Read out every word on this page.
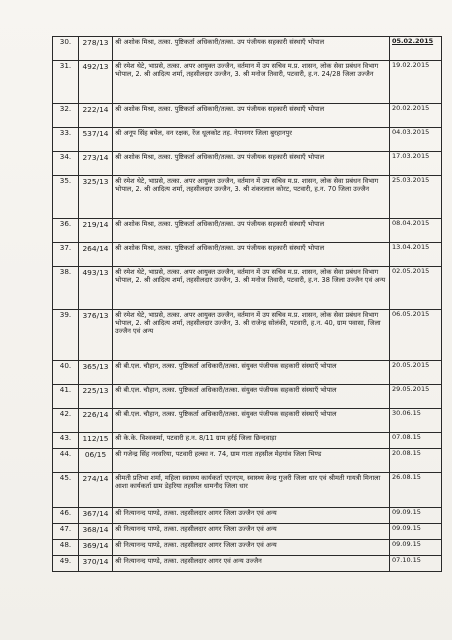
30.	278/13	श्री अशोक मिश्रा, तत्का. पुष्टिकर्ता अधिकारी/तत्का. उप पंजीयक सहकारी संस्थाएँ भोपाल	05.02.2015
31.	492/13	श्री रमेश थेटे, भाप्रसे, तत्का. अपर आयुक्त उज्जैन, वर्तमान में उप सचिव म.प्र. शासन, लोक सेवा प्रबंधन विभाग भोपाल, 2. श्री आदित्य शर्मा, तहसीलदार उज्जैन, 3. श्री मनोज तिवारी, पटवारी, ह.न. 24/28 जिला उज्जैन	19.02.2015
32.	222/14	श्री अशोक मिश्रा, तत्का. पुष्टिकर्ता अधिकारी/तत्का. उप पंजीयक सहकारी संस्थाएँ भोपाल	20.02.2015
33.	537/14	श्री अनूप सिंह बघेल, वन रक्षक, रेंज धूलकोट तह. नेपानगर जिला बुरहानपुर	04.03.2015
34.	273/14	श्री अशोक मिश्रा, तत्का. पुष्टिकर्ता अधिकारी/तत्का. उप पंजीयक सहकारी संस्थाएँ भोपाल	17.03.2015
35.	325/13	श्री रमेश थेटे, भाप्रसे, तत्का. अपर आयुक्त उज्जैन, वर्तमान में उप सचिव म.प्र. शासन, लोक सेवा प्रबंधन विभाग भोपाल, 2. श्री आदित्य शर्मा, तहसीलदार उज्जैन, 3. श्री शंकरलाल कोरट, पटवारी, ह.न. 70 जिला उज्जैन	25.03.2015
36.	219/14	श्री अशोक मिश्रा, तत्का. पुष्टिकर्ता अधिकारी/तत्का. उप पंजीयक सहकारी संस्थाएँ भोपाल	08.04.2015
37.	264/14	श्री अशोक मिश्रा, तत्का. पुष्टिकर्ता अधिकारी/तत्का. उप पंजीयक सहकारी संस्थाएँ भोपाल	13.04.2015
38.	493/13	श्री रमेश थेटे, भाप्रसे, तत्का. अपर आयुक्त उज्जैन, वर्तमान में उप सचिव म.प्र. शासन, लोक सेवा प्रबंधन विभाग भोपाल, 2. श्री आदित्य शर्मा, तहसीलदार उज्जैन, 3. श्री मनोज तिवारी, पटवारी, ह.न. 38 जिला उज्जैन एवं अन्य	02.05.2015
39.	376/13	श्री रमेश थेटे, भाप्रसे, तत्का. अपर आयुक्त उज्जैन, वर्तमान में उप सचिव म.प्र. शासन, लोक सेवा प्रबंधन विभाग भोपाल, 2. श्री आदित्य शर्मा, तहसीलदार उज्जैन, 3. श्री राजेन्द्र सोलंकी, पटवारी, ह.न. 40, ग्राम पवासा, जिला उज्जैन एवं अन्य	06.05.2015
40.	365/13	श्री बी.एल. चौहान, तत्का. पुष्टिकर्ता अधिकारी/तत्का. संयुक्त पंजीयक सहकारी संस्थाएँ भोपाल	20.05.2015
41.	225/13	श्री बी.एल. चौहान, तत्का. पुष्टिकर्ता अधिकारी/तत्का. संयुक्त पंजीयक सहकारी संस्थाएँ भोपाल	29.05.2015
42.	226/14	श्री बी.एल. चौहान, तत्का. पुष्टिकर्ता अधिकारी/तत्का. संयुक्त पंजीयक सहकारी संस्थाएँ भोपाल	30.06.15
43.	112/15	श्री के.के. विश्वकर्मा, पटवारी ह.न. 8/11 ग्राम हर्रई जिला छिन्दवाड़ा	07.08.15
44.	06/15	श्री गजेन्द्र सिंह नरवरिया, पटवारी हल्का न. 74, ग्राम गाता तहसील मेहगांव जिला भिण्ड	20.08.15
45.	274/14	श्रीमती प्रतिभा शर्मा, महिला स्वास्थ्य कार्यकर्ता एएनएम, स्वास्थ्य केन्द्र गुजरी जिला धार एवं श्रीमती गायत्री मिनाला आशा कार्यकर्ता ग्राम डेहरिया तहसील धामनौद जिला धार	26.08.15
46.	367/14	श्री नित्यानन्द पाण्डे, तत्का. तहसीलदार आगर जिला उज्जैन एवं अन्य	09.09.15
47.	368/14	श्री नित्यानन्द पाण्डे, तत्का. तहसीलदार आगर जिला उज्जैन एवं अन्य	09.09.15
48.	369/14	श्री नित्यानन्द पाण्डे, तत्का. तहसीलदार आगर जिला उज्जैन एवं अन्य	09.09.15
49.	370/14	श्री नित्यानन्द पाण्डे, तत्का. तहसीलदार आगर एवं अन्य उज्जैन	07.10.15
